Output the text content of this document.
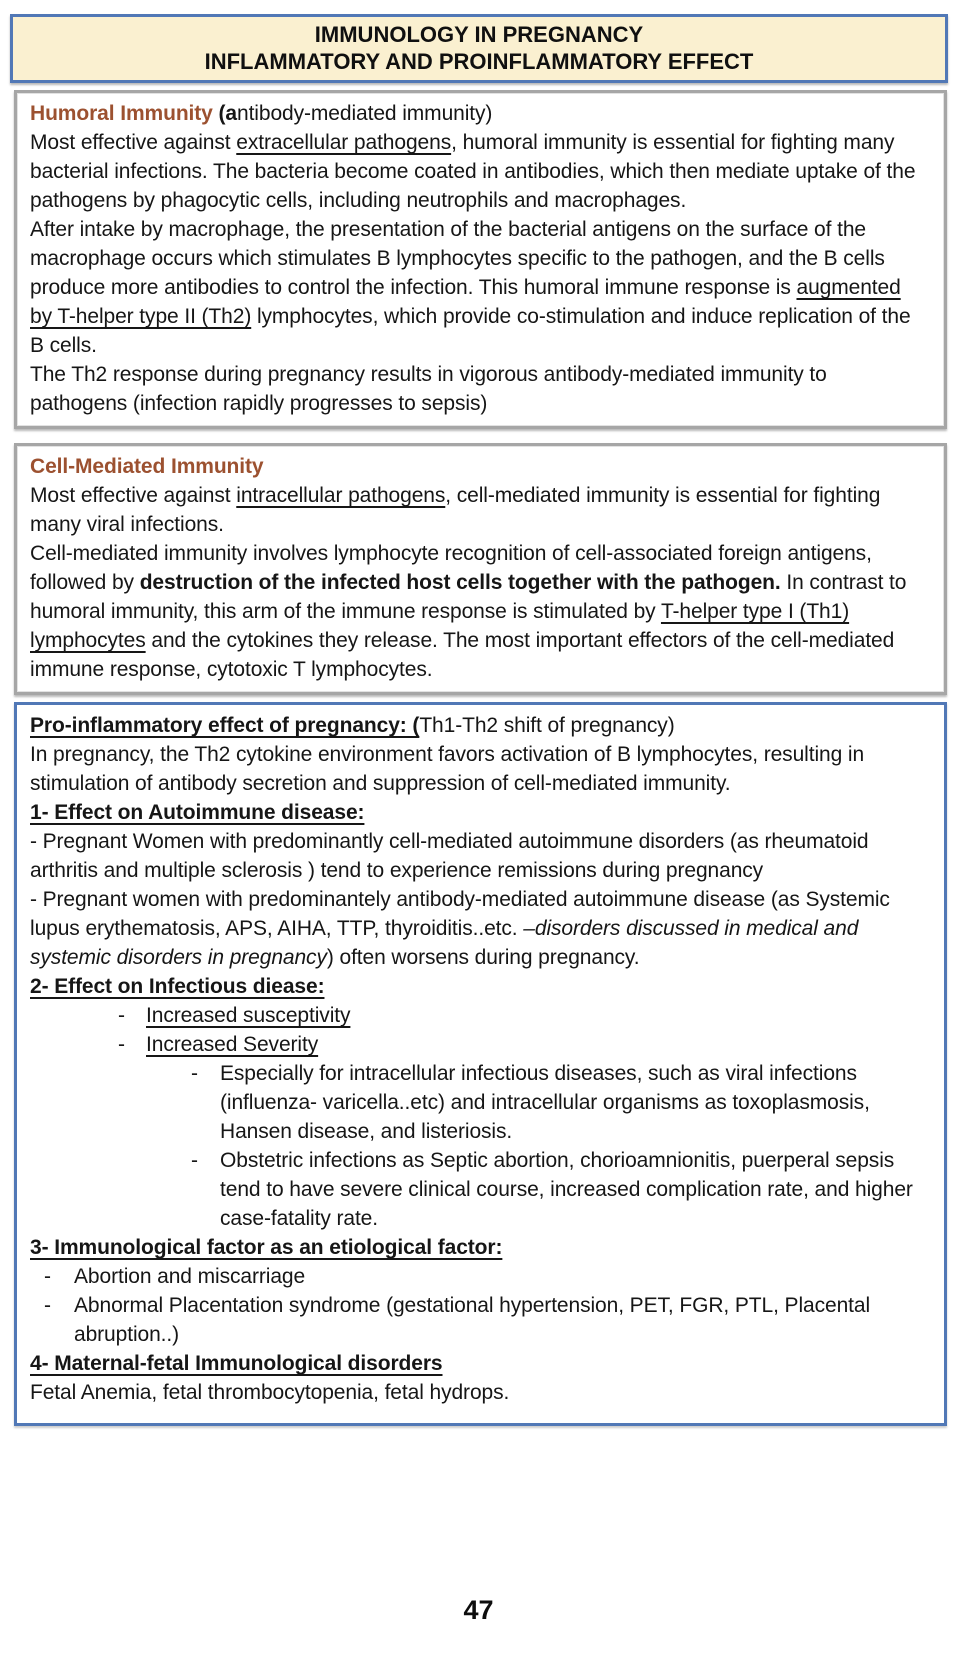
IMMUNOLOGY IN PREGNANCY
INFLAMMATORY AND PROINFLAMMATORY EFFECT
Humoral Immunity (antibody-mediated immunity)
Most effective against extracellular pathogens, humoral immunity is essential for fighting many bacterial infections. The bacteria become coated in antibodies, which then mediate uptake of the pathogens by phagocytic cells, including neutrophils and macrophages.
After intake by macrophage, the presentation of the bacterial antigens on the surface of the macrophage occurs which stimulates B lymphocytes specific to the pathogen, and the B cells produce more antibodies to control the infection. This humoral immune response is augmented by T-helper type II (Th2) lymphocytes, which provide co-stimulation and induce replication of the B cells.
The Th2 response during pregnancy results in vigorous antibody-mediated immunity to pathogens (infection rapidly progresses to sepsis)
Cell-Mediated Immunity
Most effective against intracellular pathogens, cell-mediated immunity is essential for fighting many viral infections.
Cell-mediated immunity involves lymphocyte recognition of cell-associated foreign antigens, followed by destruction of the infected host cells together with the pathogen. In contrast to humoral immunity, this arm of the immune response is stimulated by T-helper type I (Th1) lymphocytes and the cytokines they release. The most important effectors of the cell-mediated immune response, cytotoxic T lymphocytes.
Pro-inflammatory effect of pregnancy: (Th1-Th2 shift of pregnancy)
In pregnancy, the Th2 cytokine environment favors activation of B lymphocytes, resulting in stimulation of antibody secretion and suppression of cell-mediated immunity.
1- Effect on Autoimmune disease:
- Pregnant Women with predominantly cell-mediated autoimmune disorders (as rheumatoid arthritis and multiple sclerosis ) tend to experience remissions during pregnancy
- Pregnant women with predominantely antibody-mediated autoimmune disease (as Systemic lupus erythematosis, APS, AIHA, TTP, thyroiditis..etc. –disorders discussed in medical and systemic disorders in pregnancy) often worsens during pregnancy.
2- Effect on Infectious diease:
- Increased susceptivity
- Increased Severity
- Especially for intracellular infectious diseases, such as viral infections (influenza- varicella..etc) and intracellular organisms as toxoplasmosis, Hansen disease, and listeriosis.
- Obstetric infections as Septic abortion, chorioamnionitis, puerperal sepsis tend to have severe clinical course, increased complication rate, and higher case-fatality rate.
3- Immunological factor as an etiological factor:
- Abortion and miscarriage
- Abnormal Placentation syndrome (gestational hypertension, PET, FGR, PTL, Placental abruption..)
4- Maternal-fetal Immunological disorders
Fetal Anemia, fetal thrombocytopenia, fetal hydrops.
47
